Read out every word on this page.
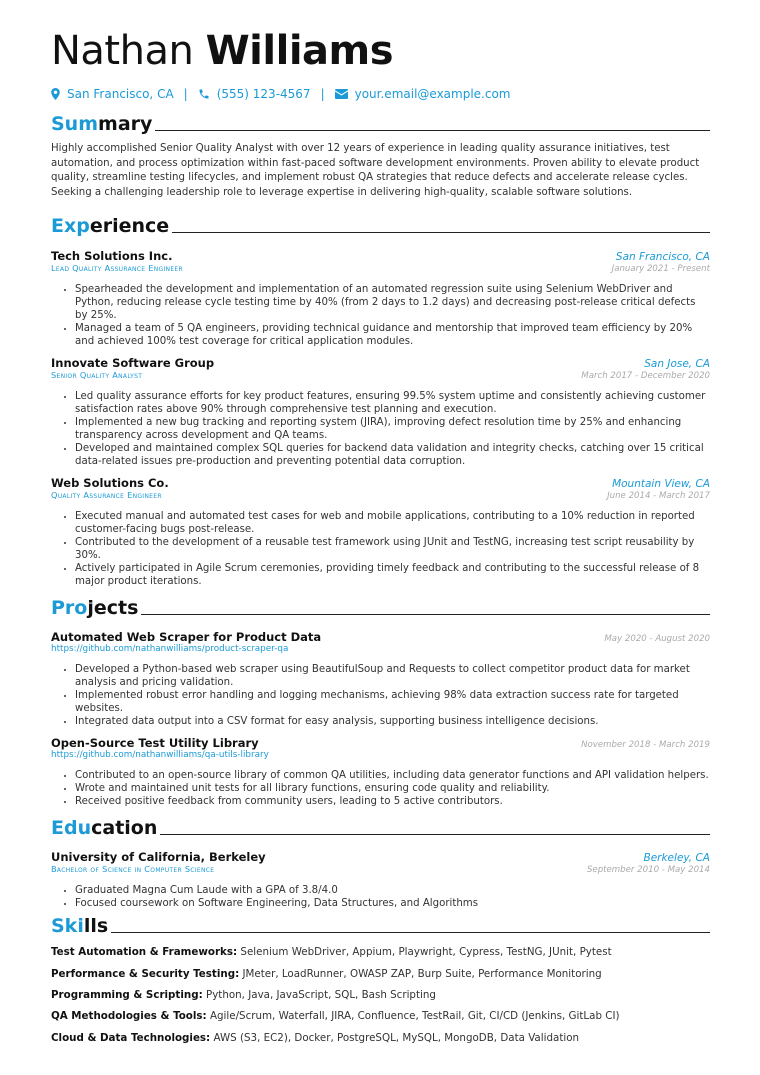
Nathan Williams
San Francisco, CA | (555) 123-4567 |	your.email@example.com
Summary
Highly accomplished Senior Quality Analyst with over 12 years of experience in leading quality assurance initiatives, test automation, and process optimization within fast-paced software development environments. Proven ability to elevate product quality, streamline testing lifecycles, and implement robust QA strategies that reduce defects and accelerate release cycles. Seeking a challenging leadership role to leverage expertise in delivering high-quality, scalable software solutions.
Experience
Tech Solutions Inc.	San Francisco, CA
Lead Quality Assurance Engineer	January 2021 - Present
• Spearheaded the development and implementation of an automated regression suite using Selenium WebDriver and Python, reducing release cycle testing time by 40% (from 2 days to 1.2 days) and decreasing post-release critical defects by 25%.
• Managed a team of 5 QA engineers, providing technical guidance and mentorship that improved team efficiency by 20% and achieved 100% test coverage for critical application modules.
Innovate Software Group	San Jose, CA
Senior Quality Analyst	March 2017 - December 2020
• Led quality assurance efforts for key product features, ensuring 99.5% system uptime and consistently achieving customer satisfaction rates above 90% through comprehensive test planning and execution.
• Implemented a new bug tracking and reporting system (JIRA), improving defect resolution time by 25% and enhancing transparency across development and QA teams.
• Developed and maintained complex SQL queries for backend data validation and integrity checks, catching over 15 critical data-related issues pre-production and preventing potential data corruption.
Web Solutions Co.	Mountain View, CA
Quality Assurance Engineer	June 2014 - March 2017
• Executed manual and automated test cases for web and mobile applications, contributing to a 10% reduction in reported customer-facing bugs post-release.
• Contributed to the development of a reusable test framework using JUnit and TestNG, increasing test script reusability by 30%.
• Actively participated in Agile Scrum ceremonies, providing timely feedback and contributing to the successful release of 8 major product iterations.
Projects
Automated Web Scraper for Product Data	May 2020 - August 2020
https://github.com/nathanwilliams/product-scraper-qa
• Developed a Python-based web scraper using BeautifulSoup and Requests to collect competitor product data for market analysis and pricing validation.
• Implemented robust error handling and logging mechanisms, achieving 98% data extraction success rate for targeted websites.
• Integrated data output into a CSV format for easy analysis, supporting business intelligence decisions.
Open-Source Test Utility Library	November 2018 - March 2019
https://github.com/nathanwilliams/qa-utils-library
• Contributed to an open-source library of common QA utilities, including data generator functions and API validation helpers.
• Wrote and maintained unit tests for all library functions, ensuring code quality and reliability.
• Received positive feedback from community users, leading to 5 active contributors.
Education
University of California, Berkeley	Berkeley, CA
Bachelor of Science in Computer Science	September 2010 - May 2014
• Graduated Magna Cum Laude with a GPA of 3.8/4.0
• Focused coursework on Software Engineering, Data Structures, and Algorithms
Skills
Test Automation & Frameworks: Selenium WebDriver, Appium, Playwright, Cypress, TestNG, JUnit, Pytest
Performance & Security Testing: JMeter, LoadRunner, OWASP ZAP, Burp Suite, Performance Monitoring
Programming & Scripting: Python, Java, JavaScript, SQL, Bash Scripting
QA Methodologies & Tools: Agile/Scrum, Waterfall, JIRA, Confluence, TestRail, Git, CI/CD (Jenkins, GitLab CI)
Cloud & Data Technologies: AWS (S3, EC2), Docker, PostgreSQL, MySQL, MongoDB, Data Validation
